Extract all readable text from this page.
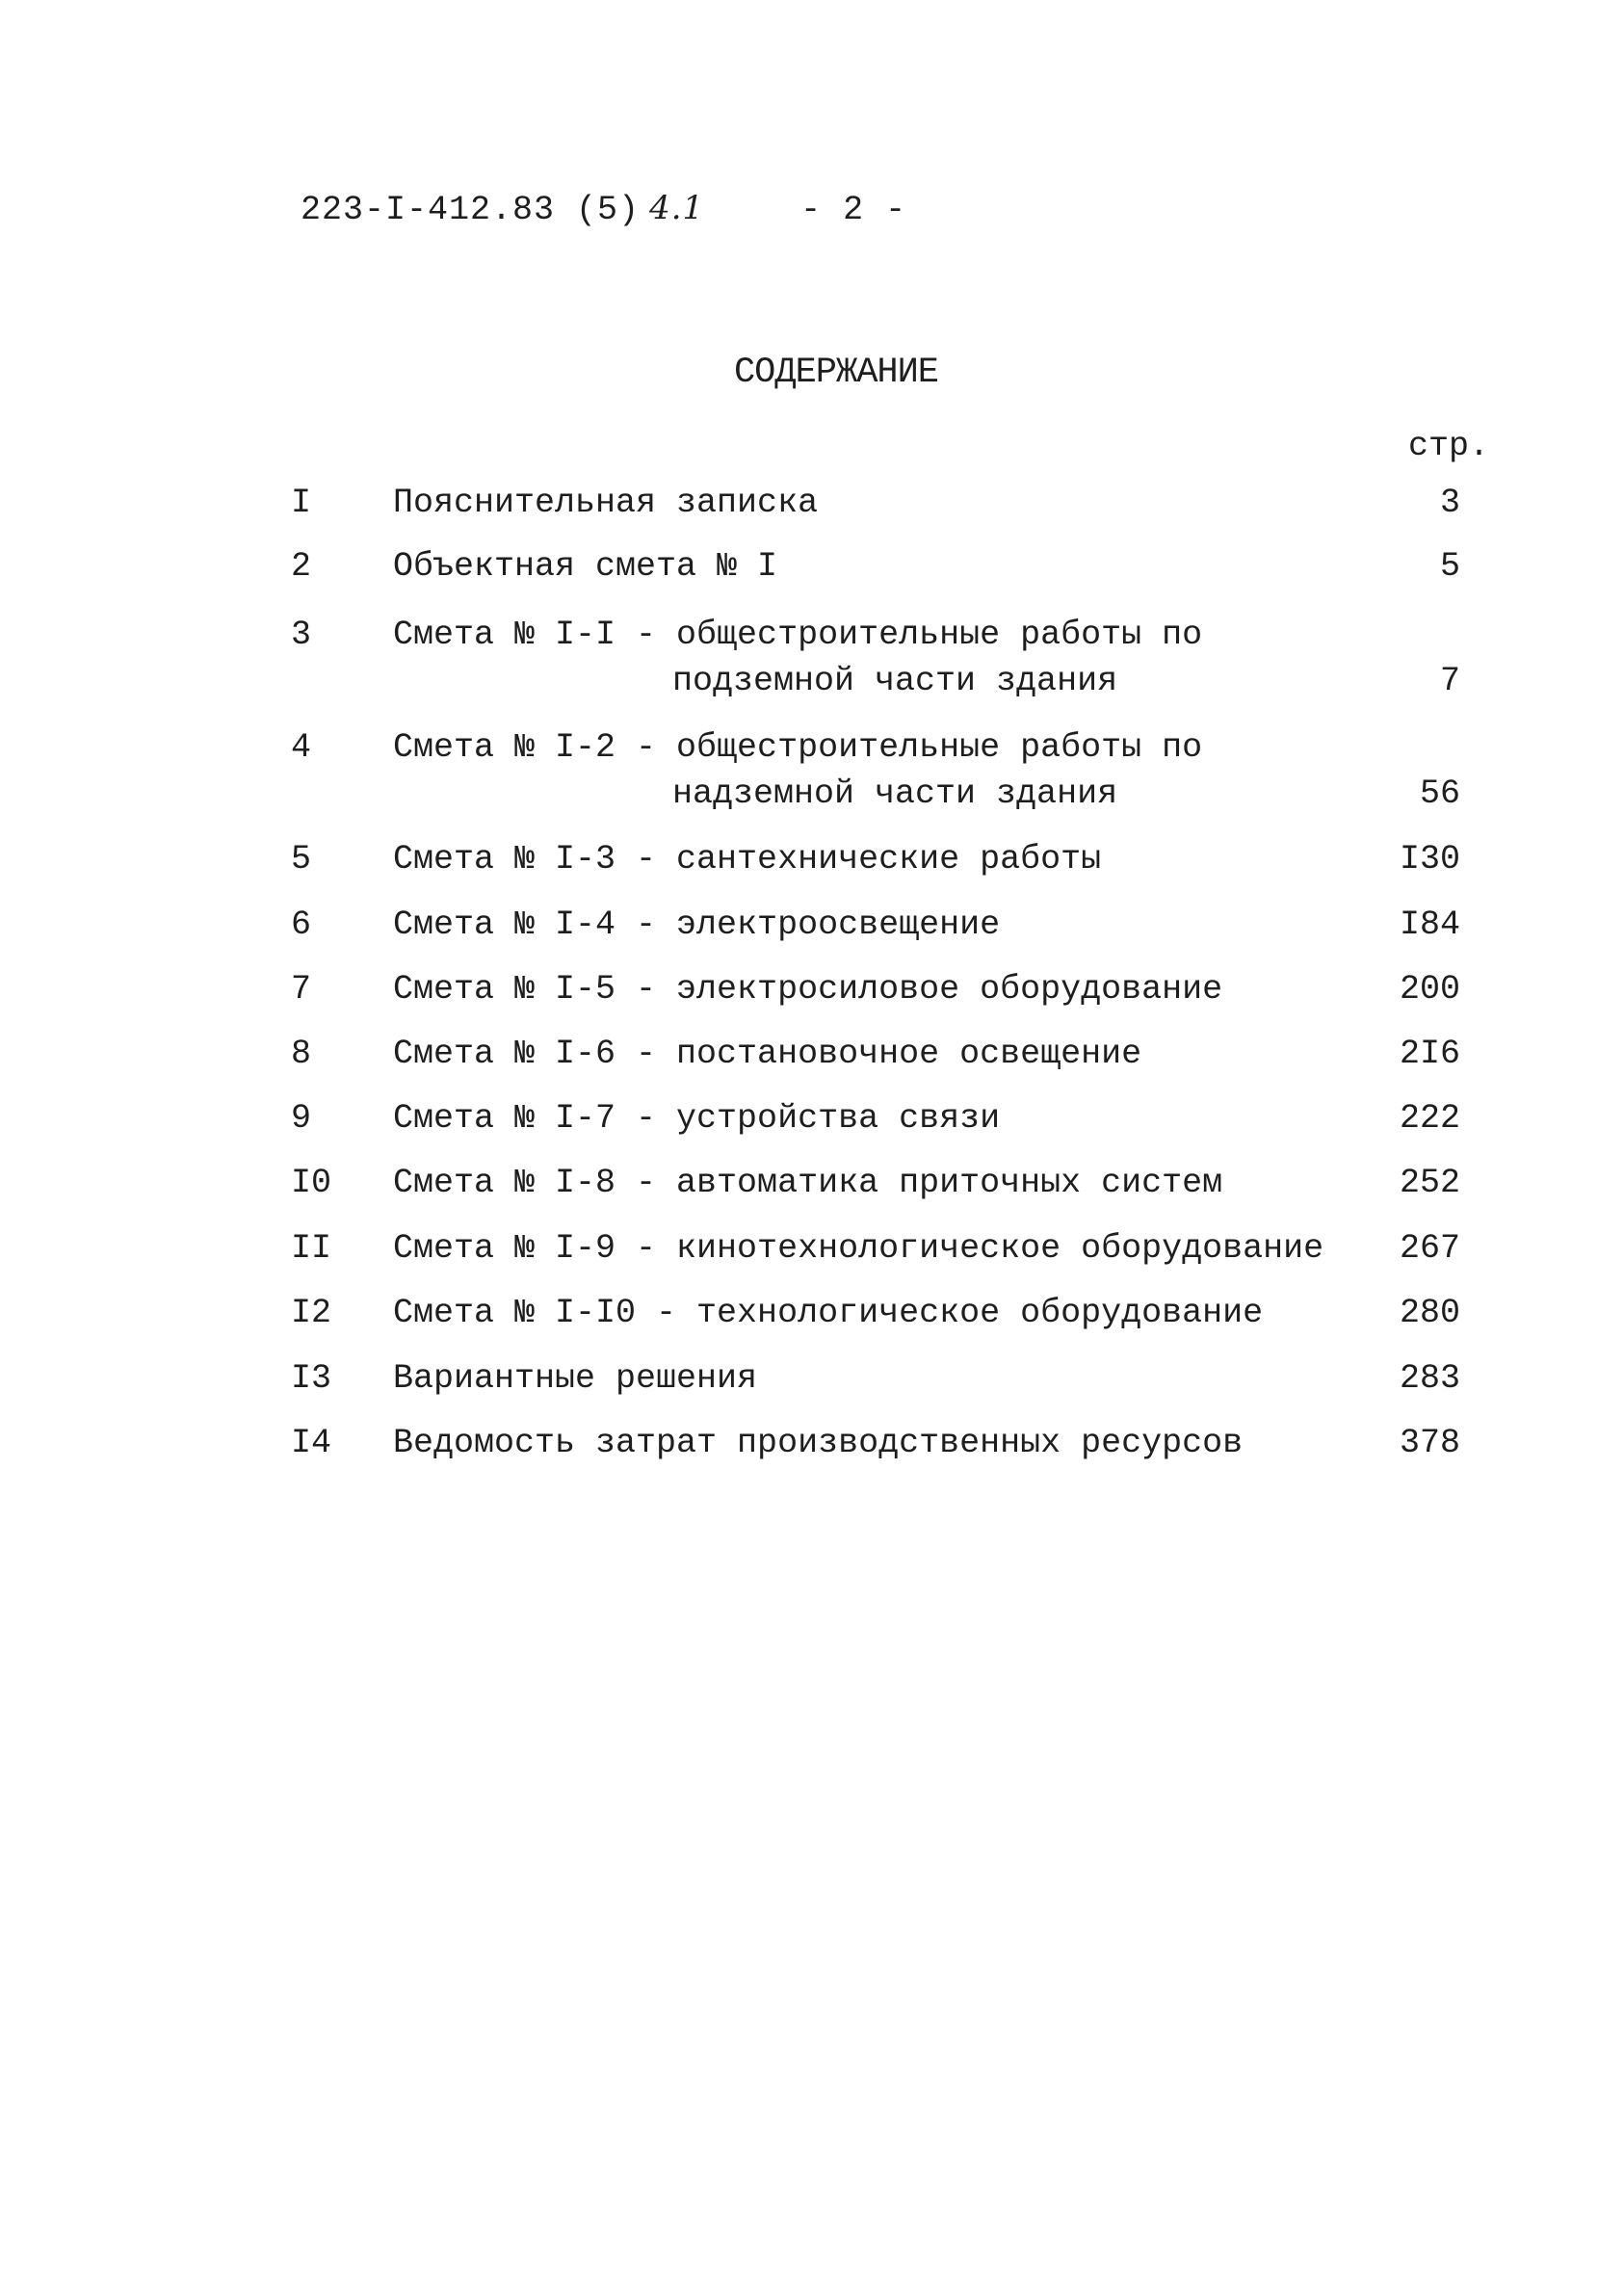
223-I-412.83 (5) 4.1	- 2 -
СОДЕРЖАНИЕ
стр.
I	Пояснительная записка	3
2	Объектная смета № I	5
3	Смета № I-I - общестроительные работы по
подземной части здания	7
4	Смета № I-2 - общестроительные работы по
надземной части здания	56
5	Смета № I-3 - сантехнические работы	I30
6	Смета № I-4 - электроосвещение	I84
7	Смета № I-5 - электросиловое оборудование	200
8	Смета № I-6 - постановочное освещение	2I6
9	Смета № I-7 - устройства связи	222
I0	Смета № I-8 - автоматика приточных систем	252
II	Смета № I-9 - кинотехнологическое оборудование	267
I2	Смета № I-I0 - технологическое оборудование	280
I3	Вариантные решения	283
I4	Ведомость затрат производственных ресурсов	378
